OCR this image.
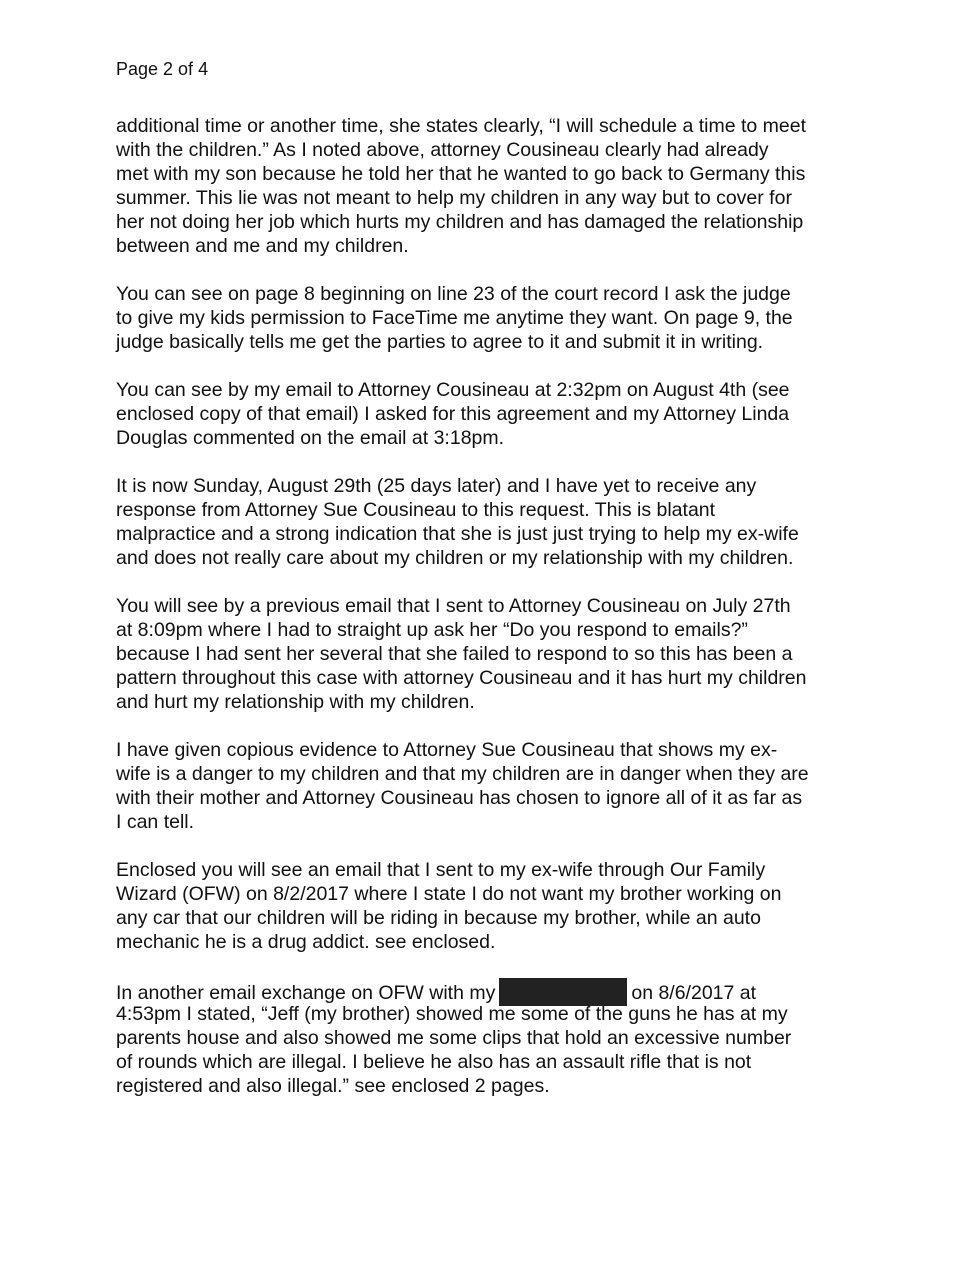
Page 2 of 4
additional time or another time, she states clearly, “I will schedule a time to meet
with the children.” As I noted above, attorney Cousineau clearly had already
met with my son because he told her that he wanted to go back to Germany this
summer. This lie was not meant to help my children in any way but to cover for
her not doing her job which hurts my children and has damaged the relationship
between and me and my children.
You can see on page 8 beginning on line 23 of the court record I ask the judge
to give my kids permission to FaceTime me anytime they want. On page 9, the
judge basically tells me get the parties to agree to it and submit it in writing.
You can see by my email to Attorney Cousineau at 2:32pm on August 4th (see
enclosed copy of that email) I asked for this agreement and my Attorney Linda
Douglas commented on the email at 3:18pm.
It is now Sunday, August 29th (25 days later) and I have yet to receive any
response from Attorney Sue Cousineau to this request. This is blatant
malpractice and a strong indication that she is just just trying to help my ex-wife
and does not really care about my children or my relationship with my children.
You will see by a previous email that I sent to Attorney Cousineau on July 27th
at 8:09pm where I had to straight up ask her “Do you respond to emails?”
because I had sent her several that she failed to respond to so this has been a
pattern throughout this case with attorney Cousineau and it has hurt my children
and hurt my relationship with my children.
I have given copious evidence to Attorney Sue Cousineau that shows my ex-
wife is a danger to my children and that my children are in danger when they are
with their mother and Attorney Cousineau has chosen to ignore all of it as far as
I can tell.
Enclosed you will see an email that I sent to my ex-wife through Our Family
Wizard (OFW) on 8/2/2017 where I state I do not want my brother working on
any car that our children will be riding in because my brother, while an auto
mechanic he is a drug addict. see enclosed.
In another email exchange on OFW with my	on 8/6/2017 at
4:53pm I stated, “Jeff (my brother) showed me some of the guns he has at my
parents house and also showed me some clips that hold an excessive number
of rounds which are illegal. I believe he also has an assault rifle that is not
registered and also illegal.” see enclosed 2 pages.
